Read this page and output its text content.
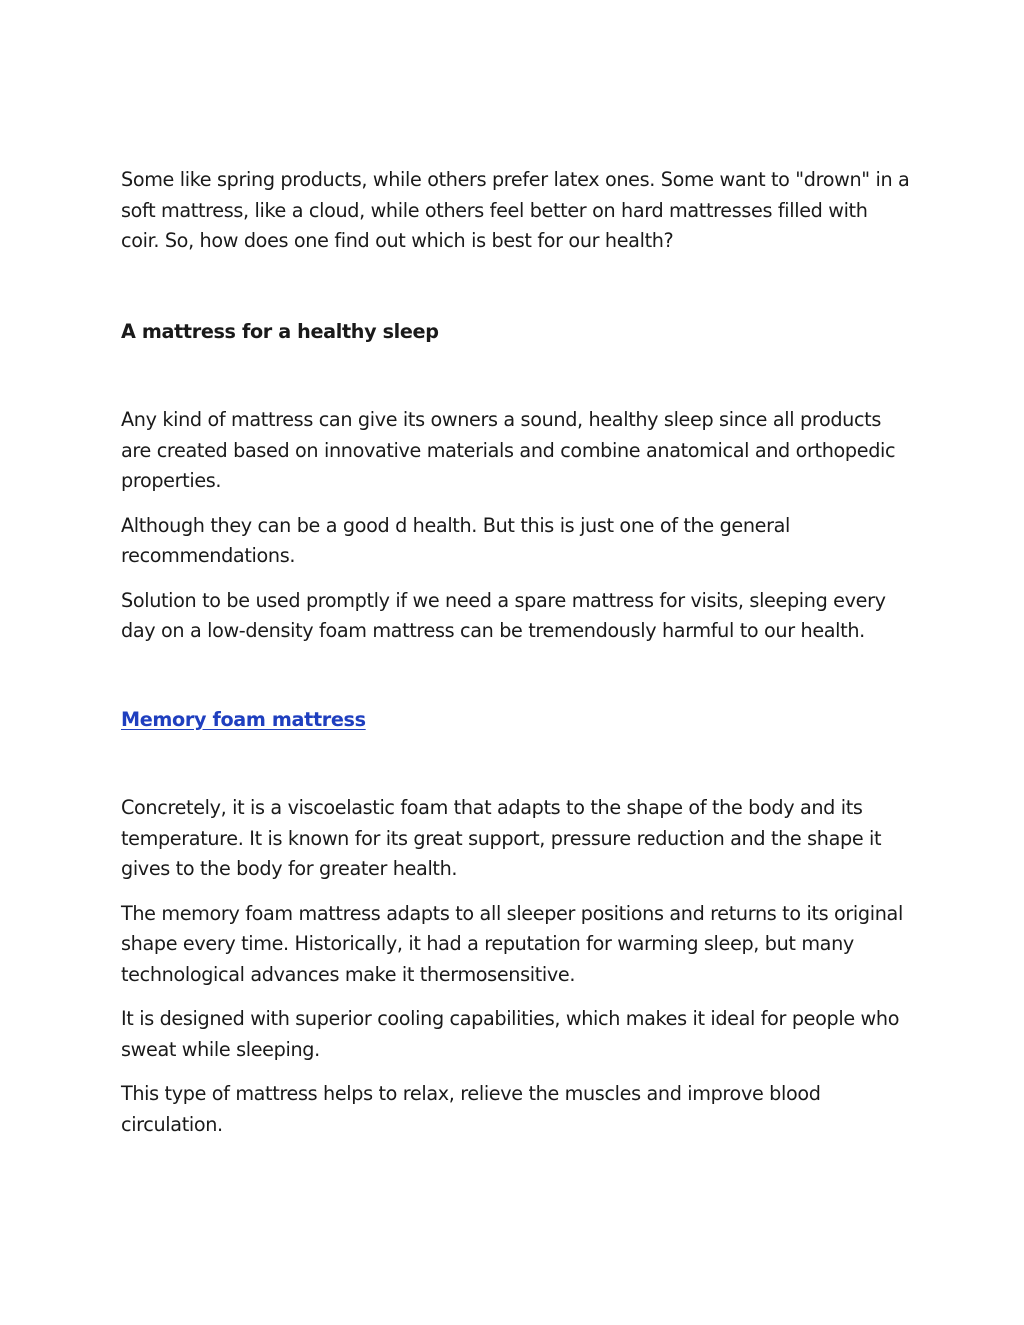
Some like spring products, while others prefer latex ones. Some want to "drown" in a soft mattress, like a cloud, while others feel better on hard mattresses filled with coir. So, how does one find out which is best for our health?

A mattress for a healthy sleep

Any kind of mattress can give its owners a sound, healthy sleep since all products are created based on innovative materials and combine anatomical and orthopedic properties.

Although they can be a good d health. But this is just one of the general recommendations.

Solution to be used promptly if we need a spare mattress for visits, sleeping every day on a low-density foam mattress can be tremendously harmful to our health.

Memory foam mattress

Concretely, it is a viscoelastic foam that adapts to the shape of the body and its temperature. It is known for its great support, pressure reduction and the shape it gives to the body for greater health.

The memory foam mattress adapts to all sleeper positions and returns to its original shape every time. Historically, it had a reputation for warming sleep, but many technological advances make it thermosensitive.

It is designed with superior cooling capabilities, which makes it ideal for people who sweat while sleeping.

This type of mattress helps to relax, relieve the muscles and improve blood circulation.
